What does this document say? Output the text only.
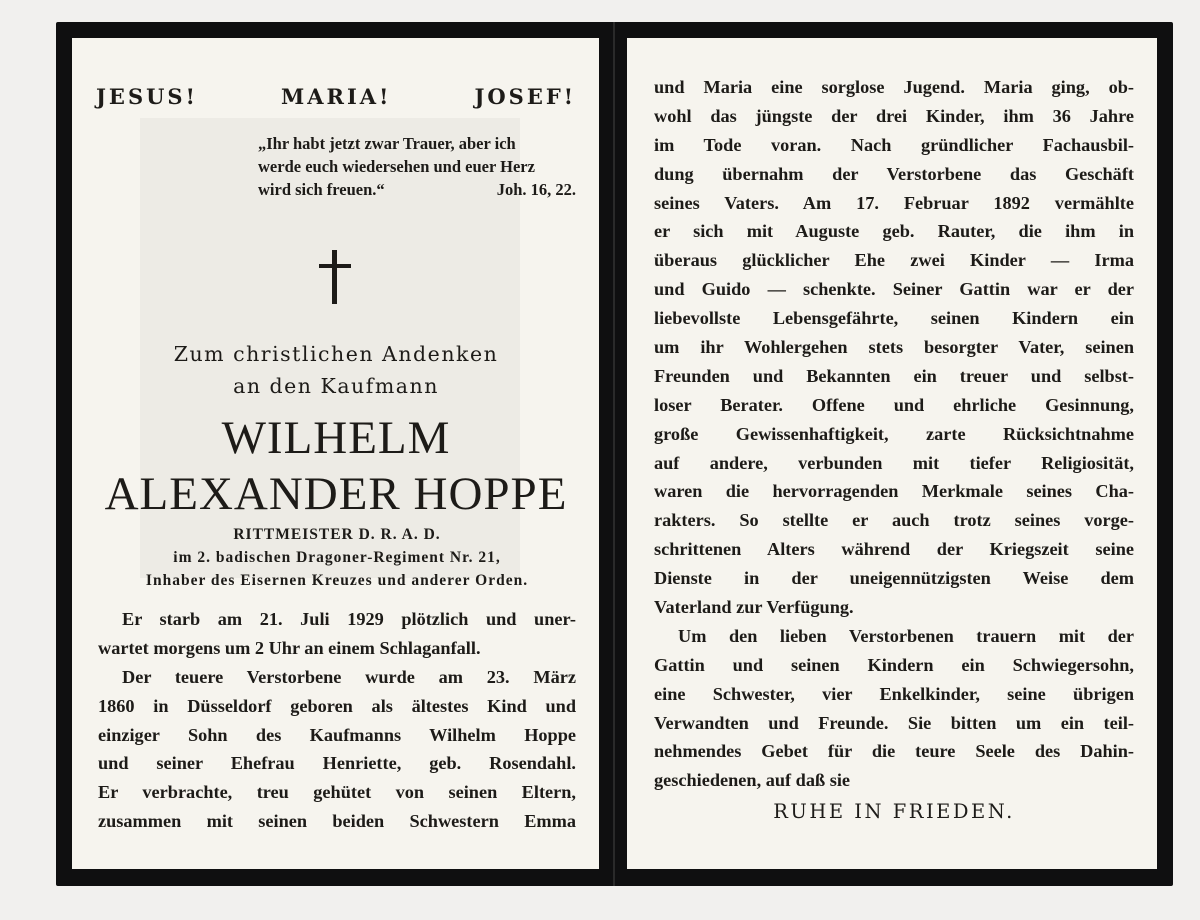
JESUS!	MARIA!	JOSEF!
„Ihr habt jetzt zwar Trauer, aber ich
werde euch wiedersehen und euer Herz
wird sich freuen.“	Joh. 16, 22.
Zum christlichen Andenken
an den Kaufmann
WILHELM
ALEXANDER HOPPE
RITTMEISTER D. R. A. D.
im 2. badischen Dragoner-Regiment Nr. 21,
Inhaber des Eisernen Kreuzes und anderer Orden.
Er starb am 21. Juli 1929 plötzlich und uner-
wartet morgens um 2 Uhr an einem Schlaganfall.
Der teuere Verstorbene wurde am 23. März
1860 in Düsseldorf geboren als ältestes Kind und
einziger Sohn des Kaufmanns Wilhelm Hoppe
und seiner Ehefrau Henriette, geb. Rosendahl.
Er verbrachte, treu gehütet von seinen Eltern,
zusammen mit seinen beiden Schwestern Emma
und Maria eine sorglose Jugend. Maria ging, ob-
wohl das jüngste der drei Kinder, ihm 36 Jahre
im Tode voran. Nach gründlicher Fachausbil-
dung übernahm der Verstorbene das Geschäft
seines Vaters. Am 17. Februar 1892 vermählte
er sich mit Auguste geb. Rauter, die ihm in
überaus glücklicher Ehe zwei Kinder — Irma
und Guido — schenkte. Seiner Gattin war er der
liebevollste Lebensgefährte, seinen Kindern ein
um ihr Wohlergehen stets besorgter Vater, seinen
Freunden und Bekannten ein treuer und selbst-
loser Berater. Offene und ehrliche Gesinnung,
große Gewissenhaftigkeit, zarte Rücksichtnahme
auf andere, verbunden mit tiefer Religiosität,
waren die hervorragenden Merkmale seines Cha-
rakters. So stellte er auch trotz seines vorge-
schrittenen Alters während der Kriegszeit seine
Dienste in der uneigennützigsten Weise dem
Vaterland zur Verfügung.
Um den lieben Verstorbenen trauern mit der
Gattin und seinen Kindern ein Schwiegersohn,
eine Schwester, vier Enkelkinder, seine übrigen
Verwandten und Freunde. Sie bitten um ein teil-
nehmendes Gebet für die teure Seele des Dahin-
geschiedenen, auf daß sie
RUHE IN FRIEDEN.
